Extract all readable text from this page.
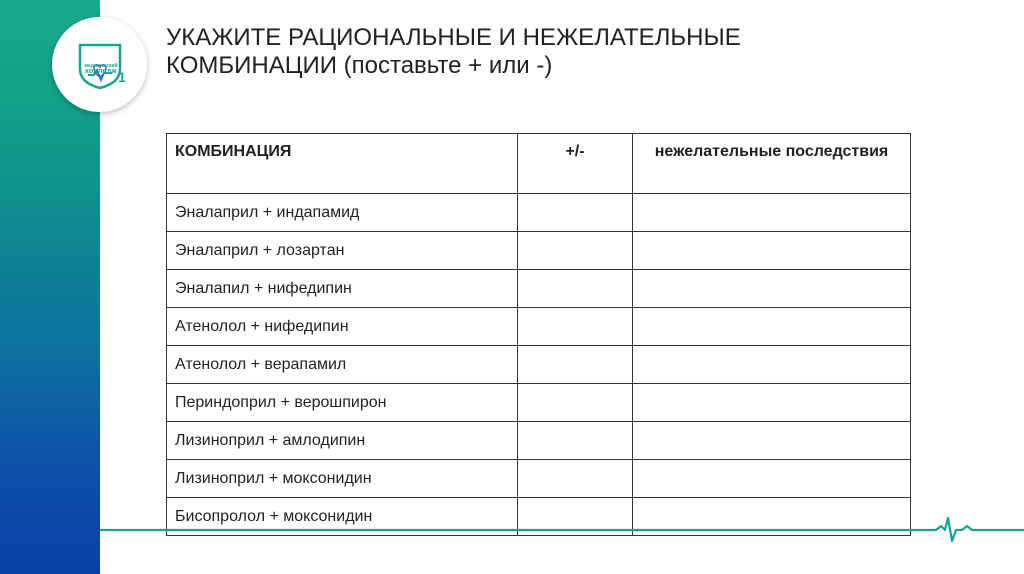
медицинский
колледж 1
УКАЖИТЕ РАЦИОНАЛЬНЫЕ И НЕЖЕЛАТЕЛЬНЫЕ
КОМБИНАЦИИ (поставьте + или -)
КОМБИНАЦИЯ	+/-	нежелательные последствия
Эналаприл + индапамид		
Эналаприл + лозартан		
Эналапил + нифедипин		
Атенолол + нифедипин		
Атенолол + верапамил		
Периндоприл + верошпирон		
Лизиноприл + амлодипин		
Лизиноприл + моксонидин		
Бисопролол + моксонидин		
